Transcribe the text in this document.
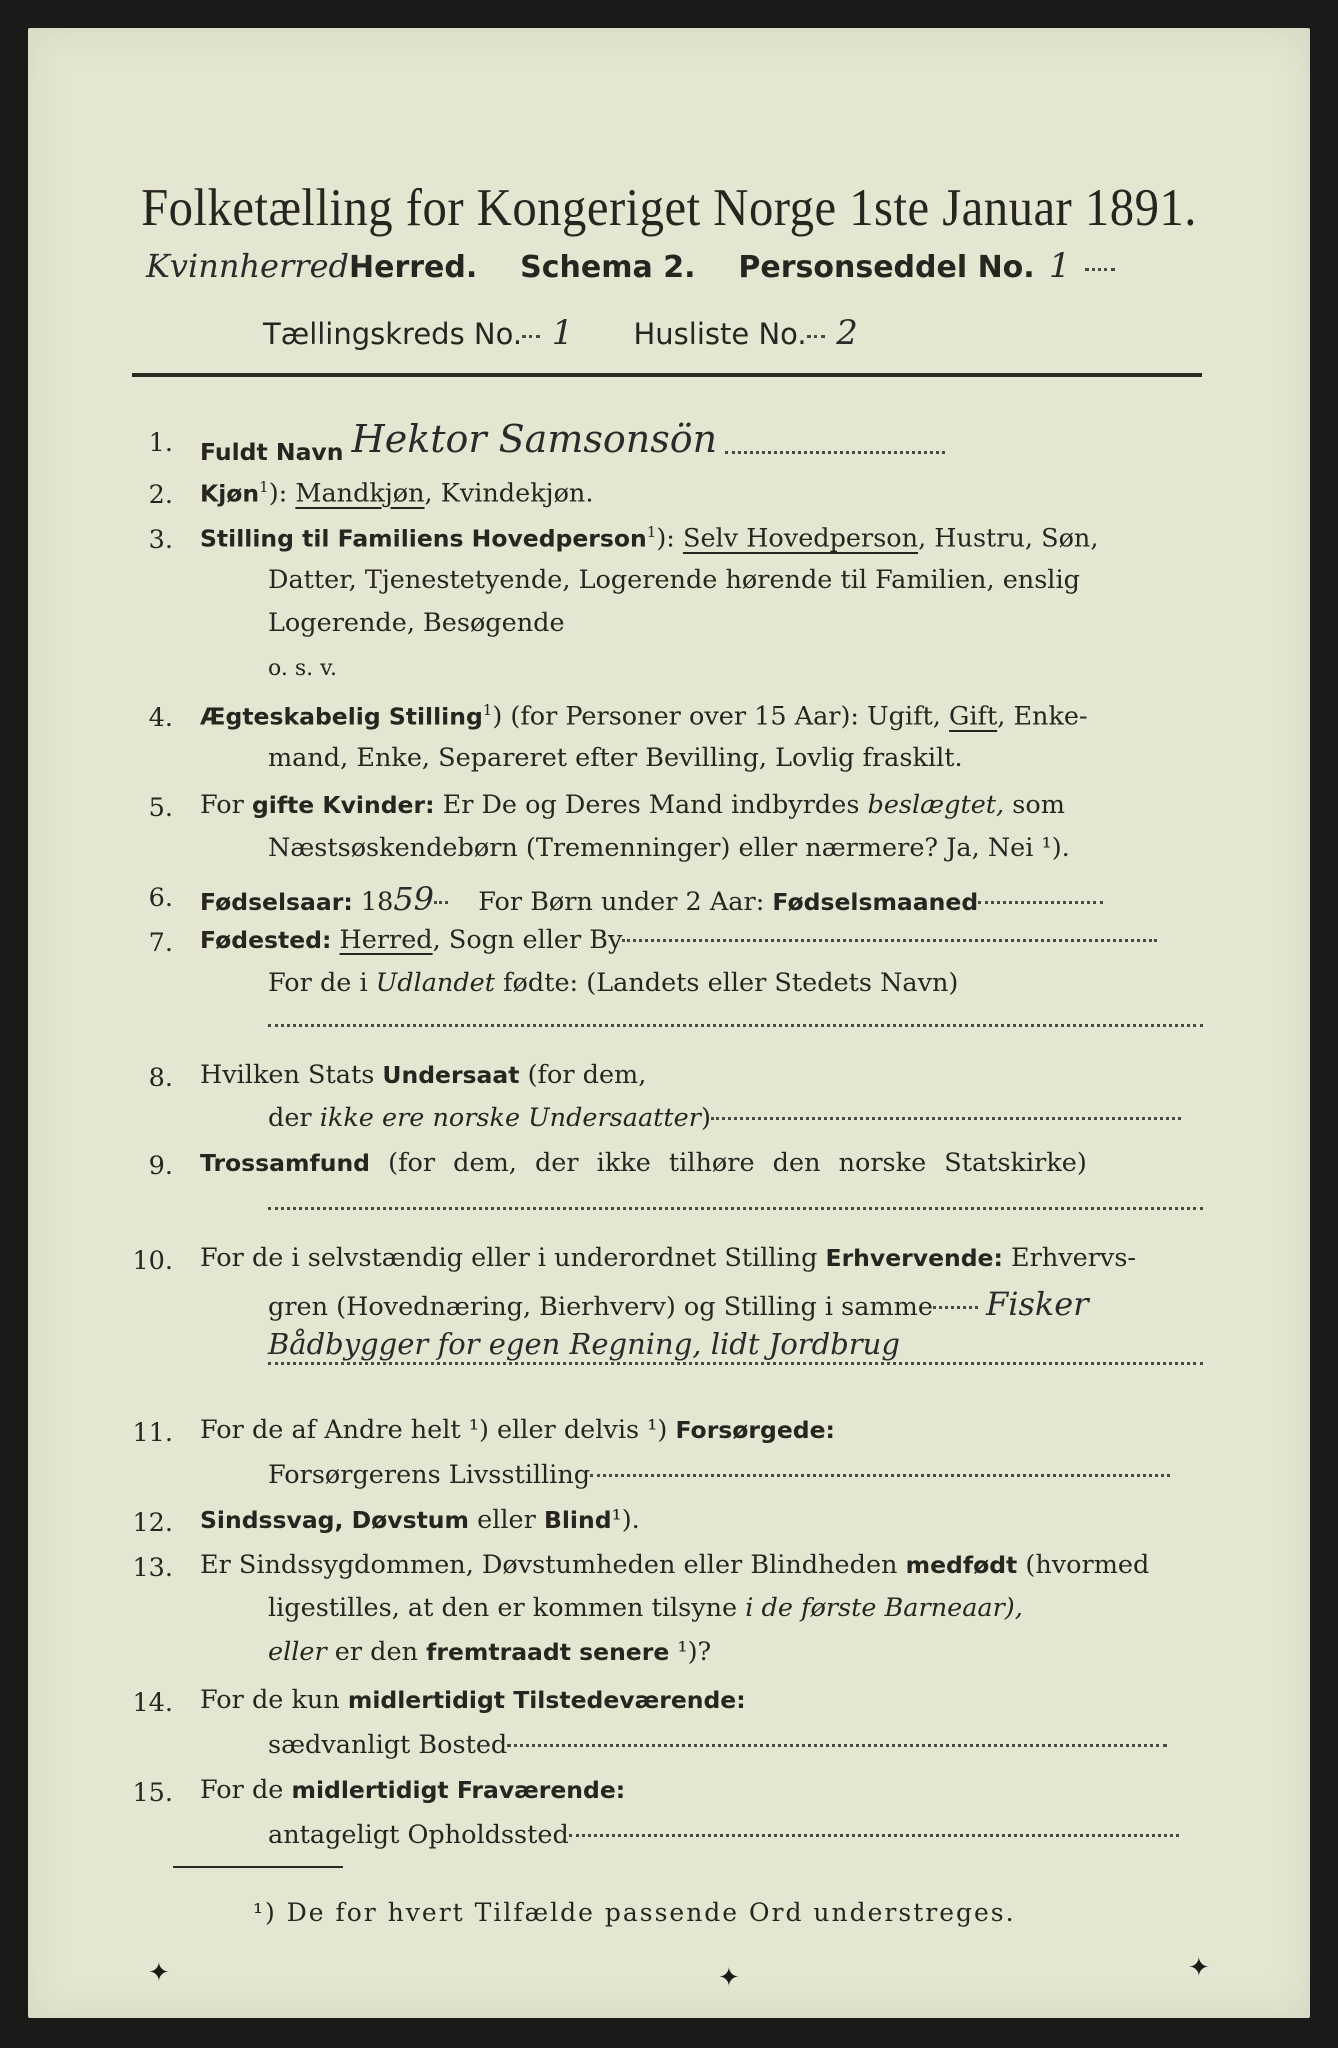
Folketælling for Kongeriget Norge 1ste Januar 1891.
KvinnherredHerred. Schema 2. Personseddel No. 1
Tællingskreds No. 1 Husliste No. 2
1. Fuldt Navn Hektor Samsonsön
2. Kjøn$^1$): Mandkjøn, Kvindekjøn.
3. Stilling til Familiens Hovedperson$^1$): Selv Hovedperson, Hustru, Søn,
Datter, Tjenestetyende, Logerende hørende til Familien, enslig
Logerende, Besøgende
o. s. v.
4. Ægteskabelig Stilling$^1$) (for Personer over 15 Aar): Ugift, Gift, Enke-
mand, Enke, Separeret efter Bevilling, Lovlig fraskilt.
5. For gifte Kvinder: Er De og Deres Mand indbyrdes beslægtet, som
Næstsøskendebørn (Tremenninger) eller nærmere? Ja, Nei ¹).
6. Fødselsaar: 1859 For Børn under 2 Aar: Fødselsmaaned
7. Fødested: Herred, Sogn eller By
For de i Udlandet fødte: (Landets eller Stedets Navn)
8. Hvilken Stats Undersaat (for dem,
der ikke ere norske Undersaatter)
9. Trossamfund (for dem, der ikke tilhøre den norske Statskirke)
10. For de i selvstændig eller i underordnet Stilling Erhvervende: Erhvervs-
gren (Hovednæring, Bierhverv) og Stilling i samme Fisker
Bådbygger for egen Regning, lidt Jordbrug
11. For de af Andre helt ¹) eller delvis ¹) Forsørgede:
Forsørgerens Livsstilling
12. Sindssvag, Døvstum eller Blind¹).
13. Er Sindssygdommen, Døvstumheden eller Blindheden medfødt (hvormed
ligestilles, at den er kommen tilsyne i de første Barneaar),
eller er den fremtraadt senere ¹)?
14. For de kun midlertidigt Tilstedeværende:
sædvanligt Bosted
15. For de midlertidigt Fraværende:
antageligt Opholdssted
¹) De for hvert Tilfælde passende Ord understreges.
✦	✦	✦
